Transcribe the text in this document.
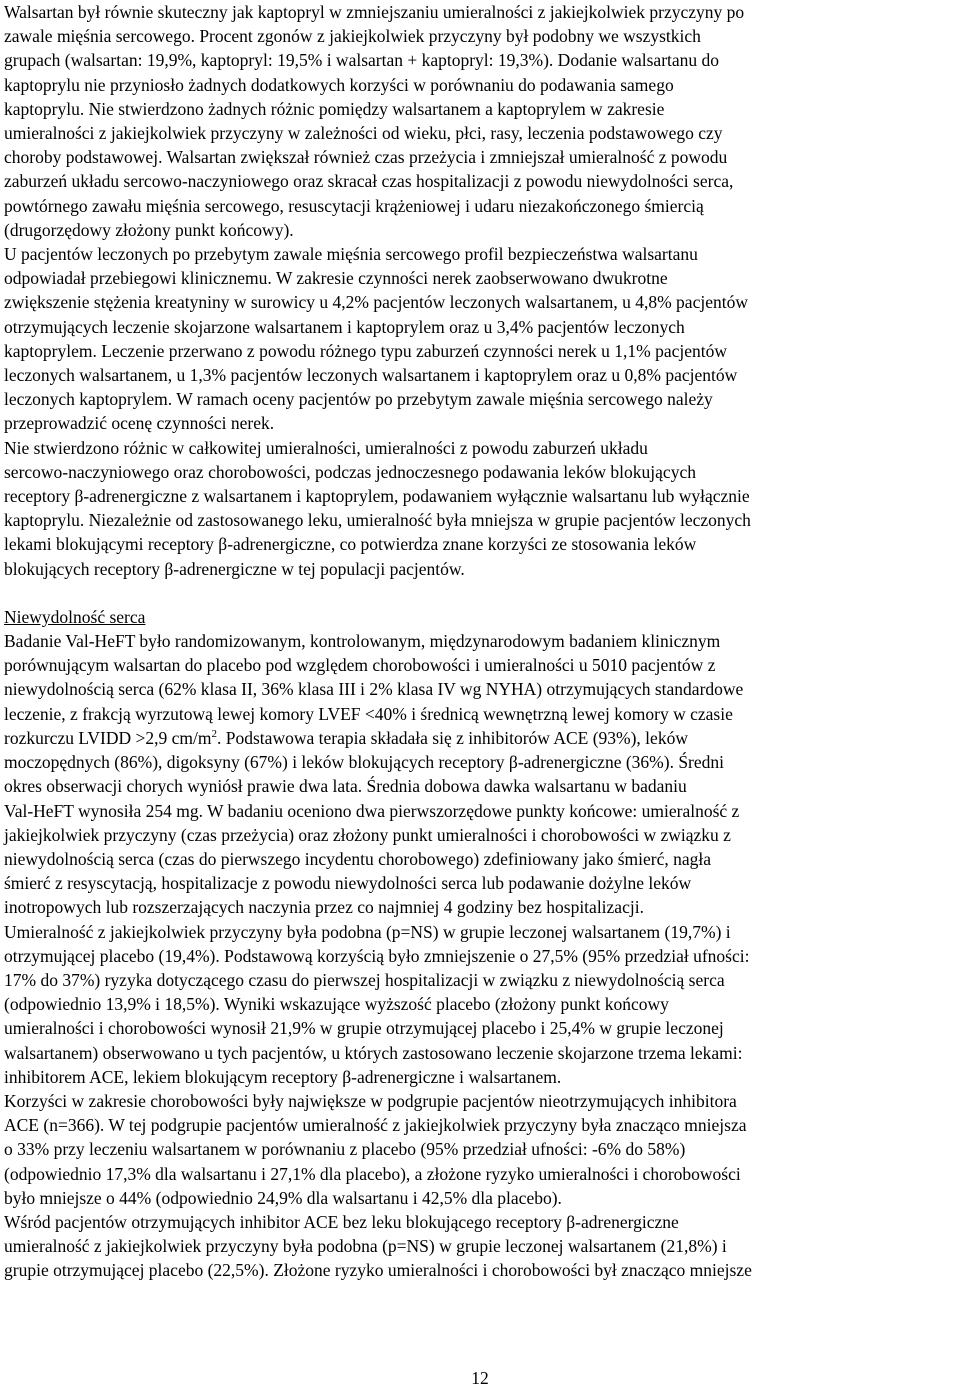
Walsartan był równie skuteczny jak kaptopryl w zmniejszaniu umieralności z jakiejkolwiek przyczyny po
zawale mięśnia sercowego. Procent zgonów z jakiejkolwiek przyczyny był podobny we wszystkich
grupach (walsartan: 19,9%, kaptopryl: 19,5% i walsartan + kaptopryl: 19,3%). Dodanie walsartanu do
kaptoprylu nie przyniosło żadnych dodatkowych korzyści w porównaniu do podawania samego
kaptoprylu. Nie stwierdzono żadnych różnic pomiędzy walsartanem a kaptoprylem w zakresie
umieralności z jakiejkolwiek przyczyny w zależności od wieku, płci, rasy, leczenia podstawowego czy
choroby podstawowej. Walsartan zwiększał również czas przeżycia i zmniejszał umieralność z powodu
zaburzeń układu sercowo-naczyniowego oraz skracał czas hospitalizacji z powodu niewydolności serca,
powtórnego zawału mięśnia sercowego, resuscytacji krążeniowej i udaru niezakończonego śmiercią
(drugorzędowy złożony punkt końcowy).

U pacjentów leczonych po przebytym zawale mięśnia sercowego profil bezpieczeństwa walsartanu
odpowiadał przebiegowi klinicznemu. W zakresie czynności nerek zaobserwowano dwukrotne
zwiększenie stężenia kreatyniny w surowicy u 4,2% pacjentów leczonych walsartanem, u 4,8% pacjentów
otrzymujących leczenie skojarzone walsartanem i kaptoprylem oraz u 3,4% pacjentów leczonych
kaptoprylem. Leczenie przerwano z powodu różnego typu zaburzeń czynności nerek u 1,1% pacjentów
leczonych walsartanem, u 1,3% pacjentów leczonych walsartanem i kaptoprylem oraz u 0,8% pacjentów
leczonych kaptoprylem. W ramach oceny pacjentów po przebytym zawale mięśnia sercowego należy
przeprowadzić ocenę czynności nerek.

Nie stwierdzono różnic w całkowitej umieralności, umieralności z powodu zaburzeń układu
sercowo-naczyniowego oraz chorobowości, podczas jednoczesnego podawania leków blokujących
receptory β-adrenergiczne z walsartanem i kaptoprylem, podawaniem wyłącznie walsartanu lub wyłącznie
kaptoprylu. Niezależnie od zastosowanego leku, umieralność była mniejsza w grupie pacjentów leczonych
lekami blokującymi receptory β-adrenergiczne, co potwierdza znane korzyści ze stosowania leków
blokujących receptory β-adrenergiczne w tej populacji pacjentów.

Niewydolność serca

Badanie Val-HeFT było randomizowanym, kontrolowanym, międzynarodowym badaniem klinicznym
porównującym walsartan do placebo pod względem chorobowości i umieralności u 5010 pacjentów z
niewydolnością serca (62% klasa II, 36% klasa III i 2% klasa IV wg NYHA) otrzymujących standardowe
leczenie, z frakcją wyrzutową lewej komory LVEF <40% i średnicą wewnętrzną lewej komory w czasie
rozkurczu LVIDD >2,9 $cm/m^2$. Podstawowa terapia składała się z inhibitorów ACE (93%), leków
moczopędnych (86%), digoksyny (67%) i leków blokujących receptory β-adrenergiczne (36%). Średni
okres obserwacji chorych wyniósł prawie dwa lata. Średnia dobowa dawka walsartanu w badaniu
Val-HeFT wynosiła 254 mg. W badaniu oceniono dwa pierwszorzędowe punkty końcowe: umieralność z
jakiejkolwiek przyczyny (czas przeżycia) oraz złożony punkt umieralności i chorobowości w związku z
niewydolnością serca (czas do pierwszego incydentu chorobowego) zdefiniowany jako śmierć, nagła
śmierć z resyscytacją, hospitalizacje z powodu niewydolności serca lub podawanie dożylne leków
inotropowych lub rozszerzających naczynia przez co najmniej 4 godziny bez hospitalizacji.

Umieralność z jakiejkolwiek przyczyny była podobna (p=NS) w grupie leczonej walsartanem (19,7%) i
otrzymującej placebo (19,4%). Podstawową korzyścią było zmniejszenie o 27,5% (95% przedział ufności:
17% do 37%) ryzyka dotyczącego czasu do pierwszej hospitalizacji w związku z niewydolnością serca
(odpowiednio 13,9% i 18,5%). Wyniki wskazujące wyższość placebo (złożony punkt końcowy
umieralności i chorobowości wynosił 21,9% w grupie otrzymującej placebo i 25,4% w grupie leczonej
walsartanem) obserwowano u tych pacjentów, u których zastosowano leczenie skojarzone trzema lekami:
inhibitorem ACE, lekiem blokującym receptory β-adrenergiczne i walsartanem.

Korzyści w zakresie chorobowości były największe w podgrupie pacjentów nieotrzymujących inhibitora
ACE (n=366). W tej podgrupie pacjentów umieralność z jakiejkolwiek przyczyny była znacząco mniejsza
o 33% przy leczeniu walsartanem w porównaniu z placebo (95% przedział ufności: -6% do 58%)
(odpowiednio 17,3% dla walsartanu i 27,1% dla placebo), a złożone ryzyko umieralności i chorobowości
było mniejsze o 44% (odpowiednio 24,9% dla walsartanu i 42,5% dla placebo).

Wśród pacjentów otrzymujących inhibitor ACE bez leku blokującego receptory β-adrenergiczne
umieralność z jakiejkolwiek przyczyny była podobna (p=NS) w grupie leczonej walsartanem (21,8%) i
grupie otrzymującej placebo (22,5%). Złożone ryzyko umieralności i chorobowości był znacząco mniejsze

12
